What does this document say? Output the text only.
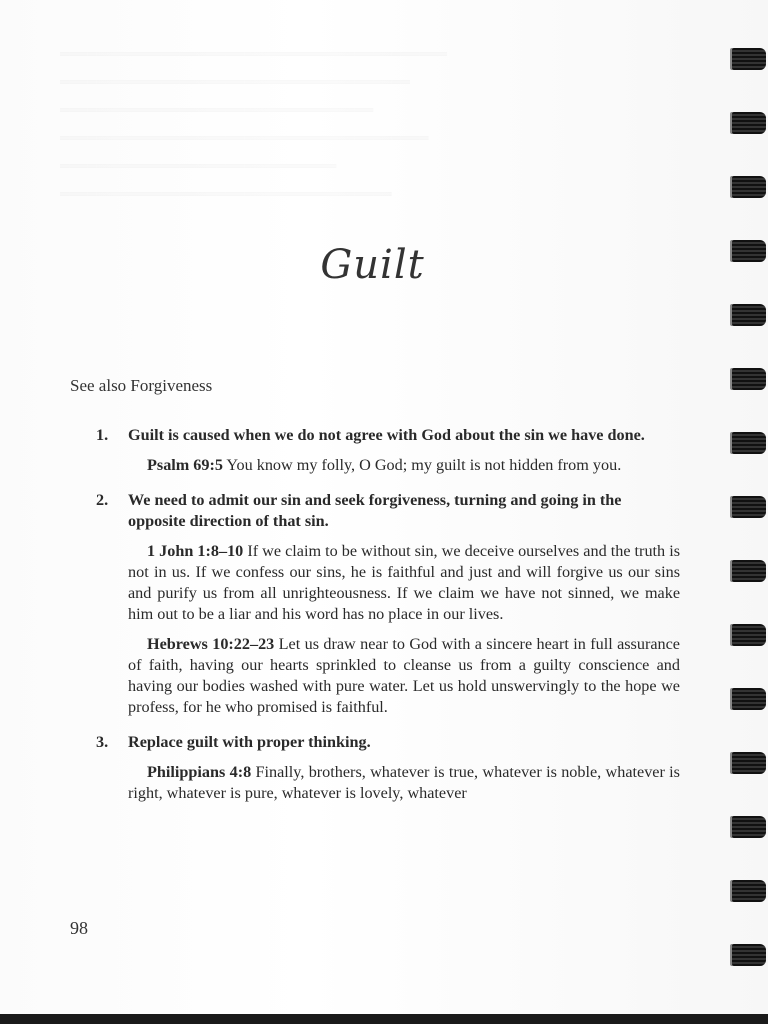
══════════════════════════════════════════
══════════════════════════════════════
══════════════════════════════════
════════════════════════════════════════
══════════════════════════════
════════════════════════════════════
Guilt
See also Forgiveness
1.	Guilt is caused when we do not agree with God about the sin we have done.
Psalm 69:5 You know my folly, O God; my guilt is not hidden from you.
2.	We need to admit our sin and seek forgiveness, turning and going in the opposite direction of that sin.
1 John 1:8–10 If we claim to be without sin, we deceive ourselves and the truth is not in us. If we confess our sins, he is faithful and just and will forgive us our sins and purify us from all unrighteousness. If we claim we have not sinned, we make him out to be a liar and his word has no place in our lives.
Hebrews 10:22–23 Let us draw near to God with a sincere heart in full assurance of faith, having our hearts sprinkled to cleanse us from a guilty conscience and having our bodies washed with pure water. Let us hold unswervingly to the hope we profess, for he who promised is faithful.
3.	Replace guilt with proper thinking.
Philippians 4:8 Finally, brothers, whatever is true, whatever is noble, whatever is right, whatever is pure, whatever is lovely, whatever
98
